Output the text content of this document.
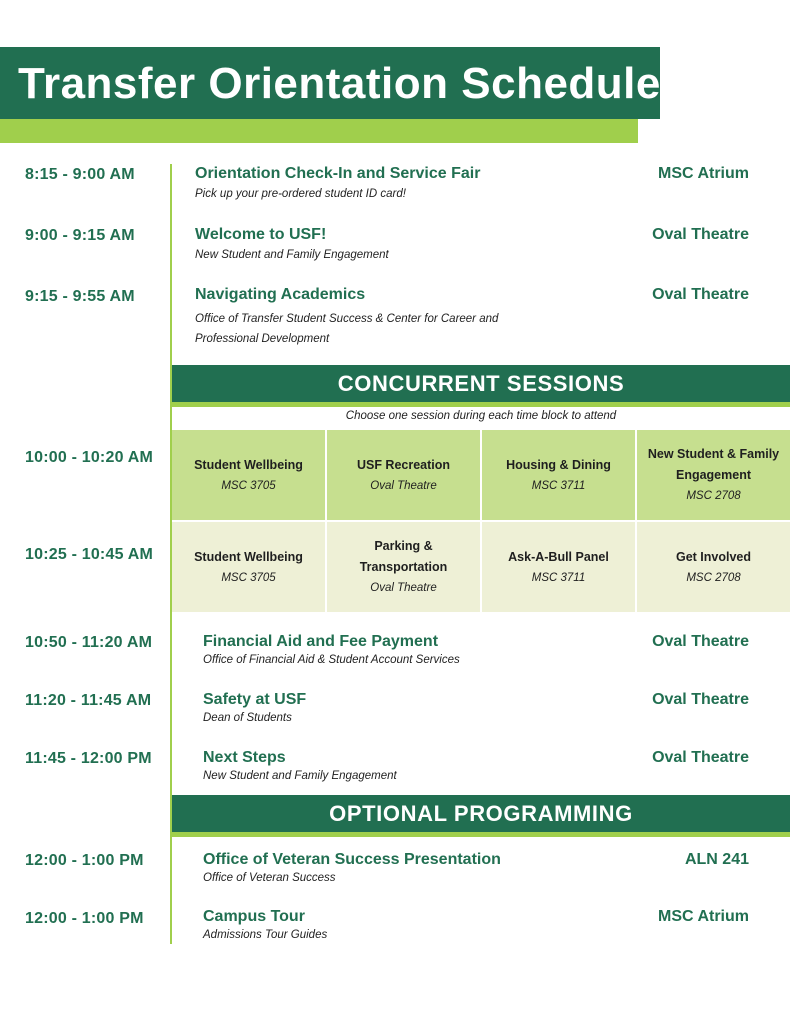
Transfer Orientation Schedule
8:15 - 9:00 AM	Orientation Check-In and Service Fair
Pick up your pre-ordered student ID card!
MSC Atrium
9:00 - 9:15 AM	Welcome to USF!
New Student and Family Engagement
Oval Theatre
9:15 - 9:55 AM	Navigating Academics
Office of Transfer Student Success & Center for Career and
Professional Development
Oval Theatre
CONCURRENT SESSIONS
Choose one session during each time block to attend
10:00 - 10:20 AM	Student Wellbeing
MSC 3705
USF Recreation
Oval Theatre
Housing & Dining
MSC 3711
New Student & Family
Engagement
MSC 2708
10:25 - 10:45 AM	Student Wellbeing
MSC 3705
Parking &
Transportation
Oval Theatre
Ask-A-Bull Panel
MSC 3711
Get Involved
MSC 2708
10:50 - 11:20 AM	Financial Aid and Fee Payment
Office of Financial Aid & Student Account Services
Oval Theatre
11:20 - 11:45 AM	Safety at USF
Dean of Students
Oval Theatre
11:45 - 12:00 PM	Next Steps
New Student and Family Engagement
Oval Theatre
OPTIONAL PROGRAMMING
12:00 - 1:00 PM	Office of Veteran Success Presentation
Office of Veteran Success
ALN 241
12:00 - 1:00 PM	Campus Tour
Admissions Tour Guides
MSC Atrium
